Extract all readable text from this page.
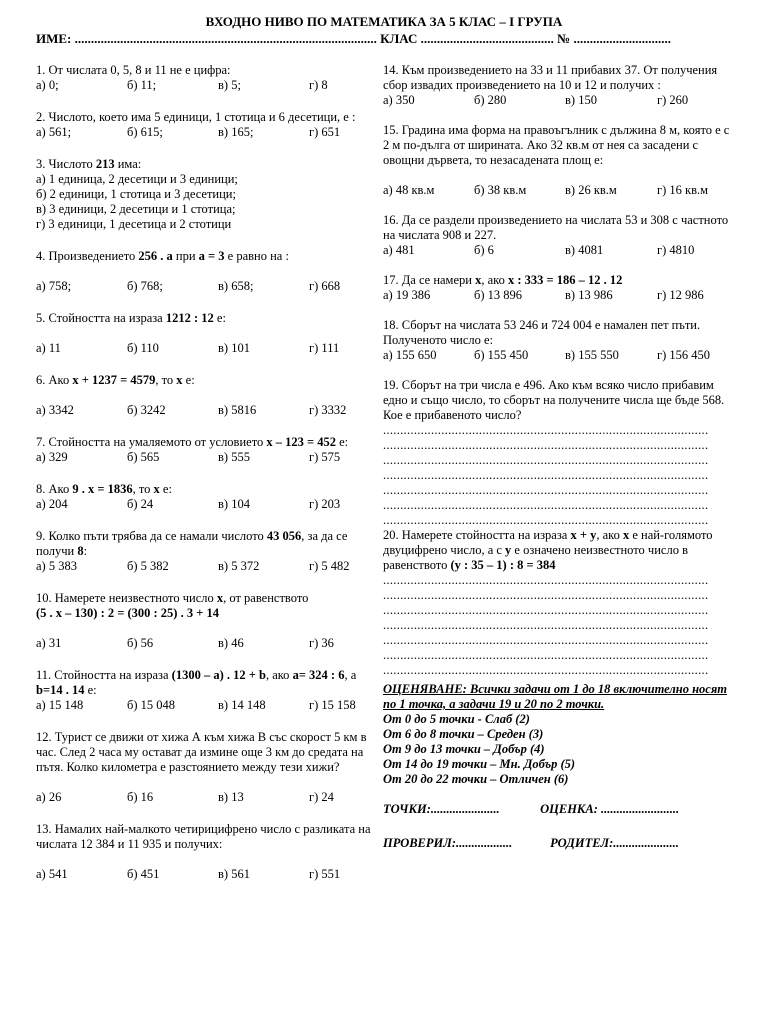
ВХОДНО НИВО ПО МАТЕМАТИКА ЗА 5 КЛАС – I ГРУПА
ИМЕ: ............................................................................................. КЛАС ......................................... № ..............................
1. От числата 0, 5, 8 и 11 не е цифра:
а) 0;	б) 11;	в) 5;	г) 8
2. Числото, което има 5 единици, 1 стотица и 6 десетици, е :
а) 561;	б) 615;	в) 165;	г) 651
3. Числото 213 има:
а) 1 единица, 2 десетици и 3 единици;
б) 2 единици, 1 стотица и 3 десетици;
в) 3 единици, 2 десетици и 1 стотица;
г) 3 единици, 1 десетица и 2 стотици
4. Произведението 256 . а при а = 3 е равно на :
а) 758;	б) 768;	в) 658;	г) 668
5. Стойността на израза 1212 : 12 е:
а) 11	б) 110	в) 101	г) 111
6. Ако x + 1237 = 4579, то x е:
а) 3342	б) 3242	в) 5816	г) 3332
7. Стойността на умаляемото от условието x – 123 = 452 е:
а) 329	б) 565	в) 555	г) 575
8. Ако 9 . x = 1836, то x е:
а) 204	б) 24	в) 104	г) 203
9. Колко пъти трябва да се намали числото 43 056, за да се получи 8:
а) 5 383	б) 5 382	в) 5 372	г) 5 482
10. Намерете неизвестното число x, от равенството
(5 . x – 130) : 2 = (300 : 25) . 3 + 14
а) 31	б) 56	в) 46	г) 36
11. Стойността на израза (1300 – a) . 12 + b, ако a= 324 : 6, а b=14 . 14 е:
а) 15 148	б) 15 048	в) 14 148	г) 15 158
12. Турист се движи от хижа А към хижа В със скорост 5 км в час. След 2 часа му остават да измине още 3 км до средата на пътя. Колко километра е разстоянието между тези хижи?
а) 26	б) 16	в) 13	г) 24
13. Намалих най-малкото четирицифрено число с разликата на числата 12 384 и 11 935 и получих:
а) 541	б) 451	в) 561	г) 551
14. Към произведението на 33 и 11 прибавих 37. От получения сбор извадих произведението на 10 и 12 и получих :
а) 350	б) 280	в) 150	г) 260
15. Градина има форма на правоъгълник с дължина 8 м, която е с 2 м по-дълга от ширината. Ако 32 кв.м от нея са засадени с овощни дървета, то незасадената площ е:
а) 48 кв.м	б) 38 кв.м	в) 26 кв.м	г) 16 кв.м
16. Да се раздели произведението на числата 53 и 308 с частното на числата 908 и 227.
а) 481	б) 6	в) 4081	г) 4810
17. Да се намери x, ако x : 333 = 186 – 12 . 12
а) 19 386	б) 13 896	в) 13 986	г) 12 986
18. Сборът на числата 53 246 и 724 004 е намален пет пъти. Полученото число е:
а) 155 650	б) 155 450	в) 155 550	г) 156 450
19. Сборът на три числа е 496. Ако към всяко число прибавим едно и също число, то сборът на получените числа ще бъде 568. Кое е прибавеното число?
...............................................................................................
...............................................................................................
...............................................................................................
...............................................................................................
...............................................................................................
...............................................................................................
...............................................................................................
20. Намерете стойността на израза x + y, ако x е най-голямото двуцифрено число, а с y е означено неизвестното число в равенството (y : 35 – 1) : 8 = 384
...............................................................................................
...............................................................................................
...............................................................................................
...............................................................................................
...............................................................................................
...............................................................................................
...............................................................................................
ОЦЕНЯВАНЕ: Всички задачи от 1 до 18 включително носят по 1 точка, а задачи 19 и 20 по 2 точки.
От 0 до 5 точки - Слаб (2)
От 6 до 8 точки – Среден (3)
От 9 до 13 точки – Добър (4)
От 14 до 19 точки – Мн. Добър (5)
От 20 до 22 точки – Отличен (6)
ТОЧКИ:......................	ОЦЕНКА: .........................
ПРОВЕРИЛ:..................	РОДИТЕЛ:.....................
